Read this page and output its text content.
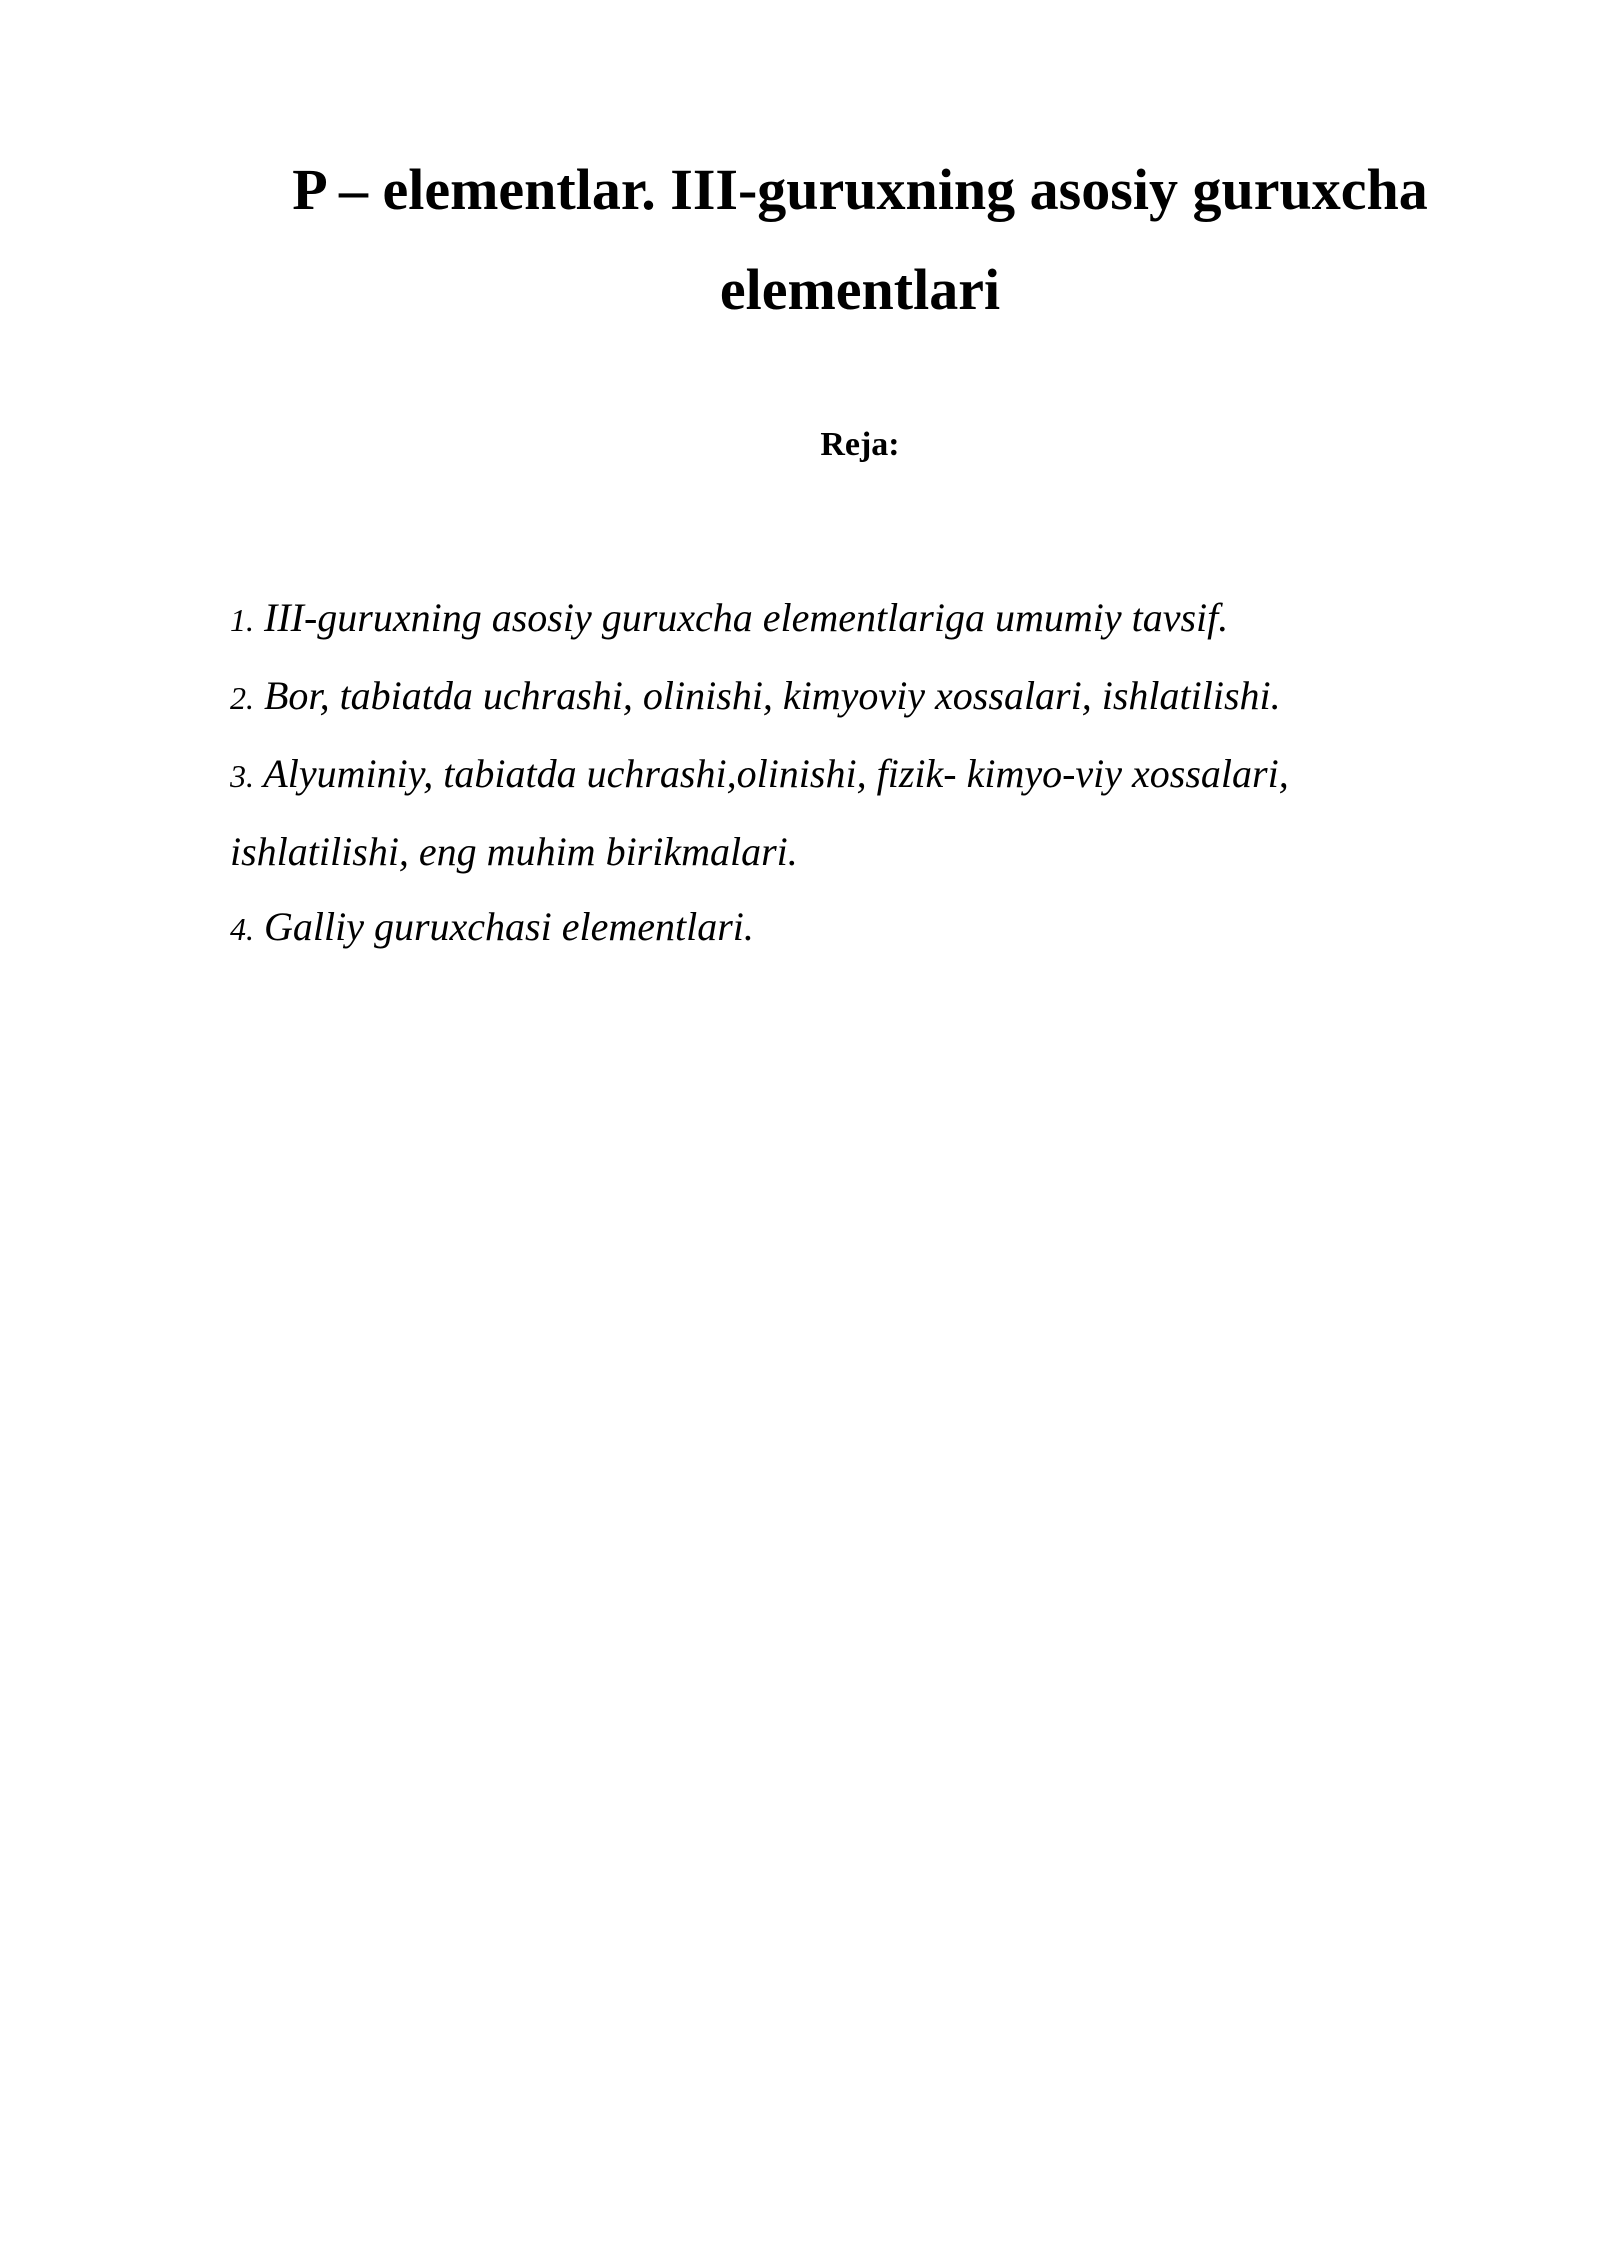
P – elementlar. III-guruxning asosiy guruxcha elementlari

Reja:

1. III-guruxning asosiy guruxcha elementlariga umumiy tavsif.
2. Bor, tabiatda uchrashi, olinishi, kimyoviy xossalari, ishlatilishi.
3. Alyuminiy, tabiatda uchrashi,olinishi, fizik- kimyo-viy xossalari, ishlatilishi, eng muhim birikmalari.
4. Galliy guruxchasi elementlari.
